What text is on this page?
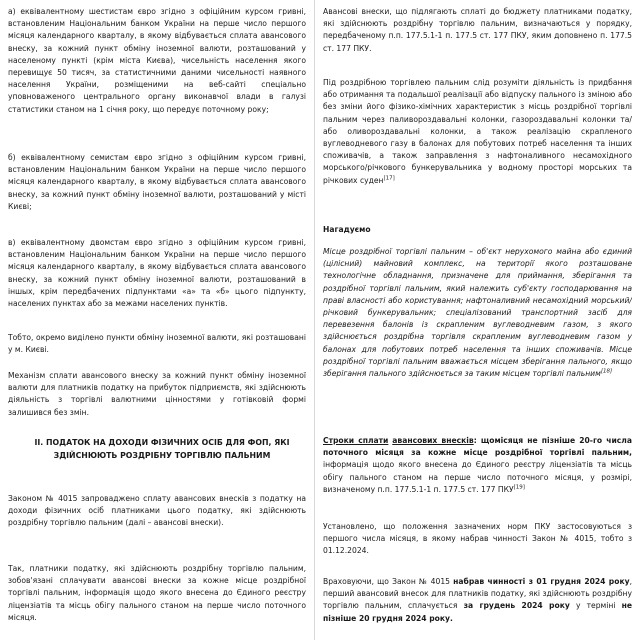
а) еквівалентному шестистам євро згідно з офіційним курсом гривні, встановленим Національним банком України на перше число першого місяця календарного кварталу, в якому відбувається сплата авансового внеску, за кожний пункт обміну іноземної валюти, розташований у населеному пункті (крім міста Києва), чисельність населення якого перевищує 50 тисяч, за статистичними даними чисельності наявного населення України, розміщеними на веб-сайті спеціально уповноваженого центрального органу виконавчої влади в галузі статистики станом на 1 січня року, що передує поточному року;

б) еквівалентному семистам євро згідно з офіційним курсом гривні, встановленим Національним банком України на перше число першого місяця календарного кварталу, в якому відбувається сплата авансового внеску, за кожний пункт обміну іноземної валюти, розташований у місті Києві;

в) еквівалентному двомстам євро згідно з офіційним курсом гривні, встановленим Національним банком України на перше число першого місяця календарного кварталу, в якому відбувається сплата авансового внеску, за кожний пункт обміну іноземної валюти, розташований в іншых, крім передбачених підпунктами «а» та «б» цього підпункту, населених пунктах або за межами населених пунктів.

Тобто, окремо виділено пункти обміну іноземної валюти, які розташовані у м. Києві.

Механізм сплати авансового внеску за кожний пункт обміну іноземної валюти для платників податку на прибуток підприємств, які здійснюють діяльність з торгівлі валютними цінностями у готівковій формі залишився без змін.

ІІ. ПОДАТОК НА ДОХОДИ ФІЗИЧНИХ ОСІБ ДЛЯ ФОП, ЯКІ ЗДІЙСНЮЮТЬ РОЗДРІБНУ ТОРГІВЛЮ ПАЛЬНИМ

Законом № 4015 запроваджено сплату авансових внесків з податку на доходи фізичних осіб платниками цього податку, які здійснюють роздрібну торгівлю пальним (далі – авансові внески).

Так, платники податку, які здійснюють роздрібну торгівлю пальним, зобов'язані сплачувати авансові внески за кожне місце роздрібної торгівлі пальним, інформація щодо якого внесена до Єдиного реєстру ліцензіатів та місць обігу пального станом на перше число поточного місяця.

Авансові внески, що підлягають сплаті до бюджету платниками податку, які здійснюють роздрібну торгівлю пальним, визначаються у порядку, передбаченому п.п. 177.5.1-1 п. 177.5 ст. 177 ПКУ, яким доповнено п. 177.5 ст. 177 ПКУ.

Під роздрібною торгівлею пальним слід розуміти діяльність із придбання або отримання та подальшої реалізації або відпуску пального із зміною або без зміни його фізико-хімічних характеристик з місць роздрібної торгівлі пальним через паливороздавальні колонки, газороздавальні колонки та/або оливороздавальні колонки, а також реалізацію скрапленого вуглеводневого газу в балонах для побутових потреб населення та інших споживачів, а також заправлення з нафтоналивного несамохідного морського/річкового бункерувальника у водному просторі морських та річкових суден[17]

Нагадуємо

Місце роздрібної торгівлі пальним – об'єкт нерухомого майна або єдиний (цілісний) майновий комплекс, на території якого розташоване технологічне обладнання, призначене для приймання, зберігання та роздрібної торгівлі пальним, який належить суб'єкту господарювання на праві власності або користування; нафтоналивний несамохідний морський/річковий бункерувальник; спеціалізований транспортний засіб для перевезення балонів із скрапленим вуглеводневим газом, з якого здійснюється роздрібна торгівля скрапленим вуглеводневим газом у балонах для побутових потреб населення та інших споживачів. Місце роздрібної торгівлі пальним вважається місцем зберігання пального, якщо зберігання пального здійснюється за таким місцем торгівлі пальним[18]

Строки сплати авансових внесків: щомісяця не пізніше 20-го числа поточного місяця за кожне місце роздрібної торгівлі пальним, інформація щодо якого внесена до Єдиного реєстру ліцензіатів та місць обігу пального станом на перше число поточного місяця, у розмірі, визначеному п.п. 177.5.1-1 п. 177.5 ст. 177 ПКУ[19]

Установлено, що положення зазначених норм ПКУ застосовуються з першого числа місяця, в якому набрав чинності Закон № 4015, тобто з 01.12.2024.

Враховуючи, що Закон № 4015 набрав чинності з 01 грудня 2024 року, перший авансовий внесок для платників податку, які здійснюють роздрібну торгівлю пальним, сплачується за грудень 2024 року у терміні не пізніше 20 грудня 2024 року.
